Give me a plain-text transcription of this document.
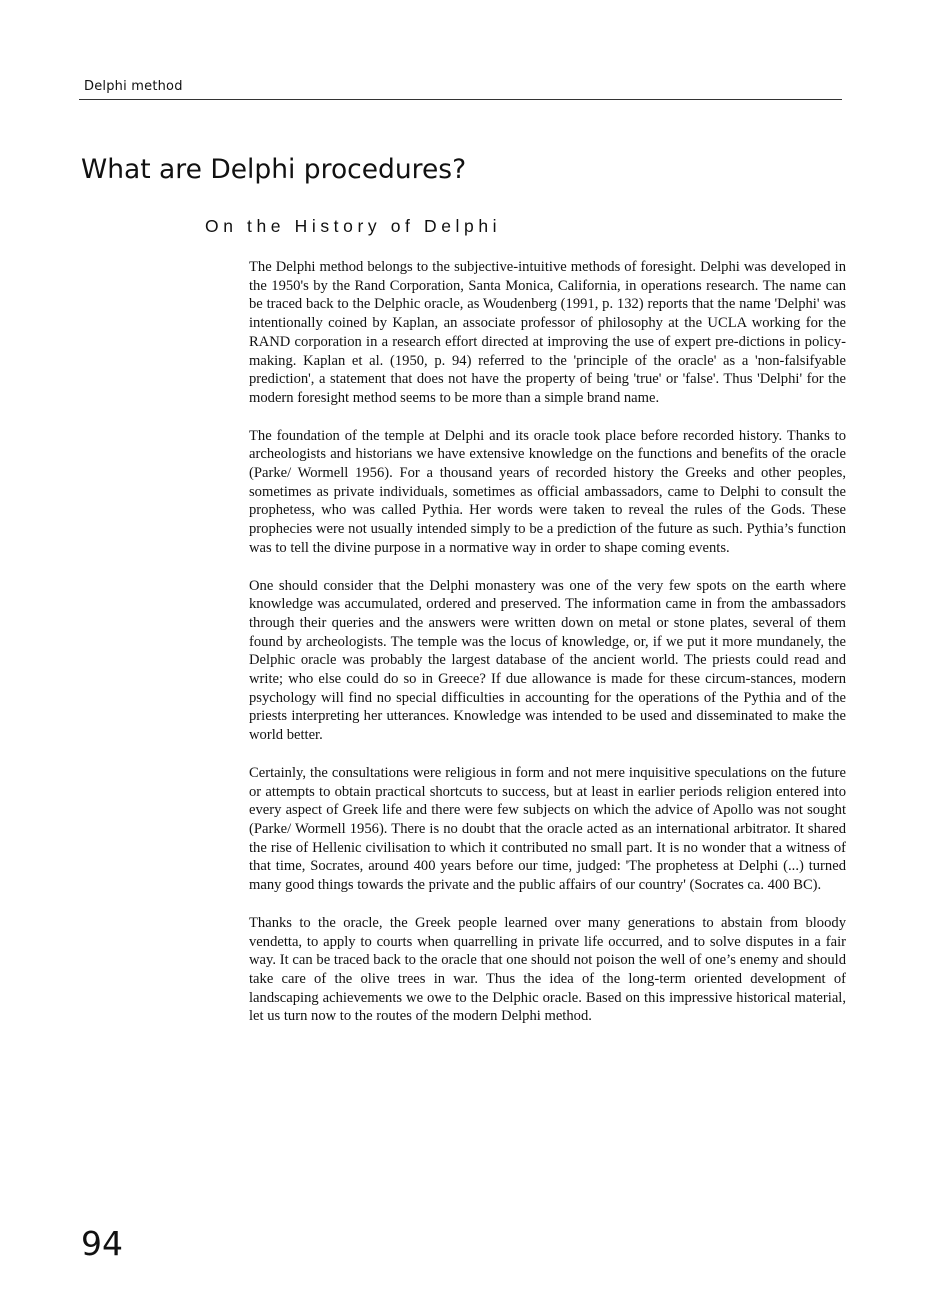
Delphi method
What are Delphi procedures?
On the History of Delphi

The Delphi method belongs to the subjective-intuitive methods of foresight. Delphi was developed in the 1950's by the Rand Corporation, Santa Monica, California, in operations research. The name can be traced back to the Delphic oracle, as Woudenberg (1991, p. 132) reports that the name 'Delphi' was intentionally coined by Kaplan, an associate professor of philosophy at the UCLA working for the RAND corporation in a research effort directed at improving the use of expert pre-dictions in policy-making. Kaplan et al. (1950, p. 94) referred to the 'principle of the oracle' as a 'non-falsifyable prediction', a statement that does not have the property of being 'true' or 'false'. Thus 'Delphi' for the modern foresight method seems to be more than a simple brand name.

The foundation of the temple at Delphi and its oracle took place before recorded history. Thanks to archeologists and historians we have extensive knowledge on the functions and benefits of the oracle (Parke/ Wormell 1956). For a thousand years of recorded history the Greeks and other peoples, sometimes as private individuals, sometimes as official ambassadors, came to Delphi to consult the prophetess, who was called Pythia. Her words were taken to reveal the rules of the Gods. These prophecies were not usually intended simply to be a prediction of the future as such. Pythia’s function was to tell the divine purpose in a normative way in order to shape coming events.

One should consider that the Delphi monastery was one of the very few spots on the earth where knowledge was accumulated, ordered and preserved. The information came in from the ambassadors through their queries and the answers were written down on metal or stone plates, several of them found by archeologists. The temple was the locus of knowledge, or, if we put it more mundanely, the Delphic oracle was probably the largest database of the ancient world. The priests could read and write; who else could do so in Greece? If due allowance is made for these circum-stances, modern psychology will find no special difficulties in accounting for the operations of the Pythia and of the priests interpreting her utterances. Knowledge was intended to be used and disseminated to make the world better.

Certainly, the consultations were religious in form and not mere inquisitive speculations on the future or attempts to obtain practical shortcuts to success, but at least in earlier periods religion entered into every aspect of Greek life and there were few subjects on which the advice of Apollo was not sought (Parke/ Wormell 1956). There is no doubt that the oracle acted as an international arbitrator. It shared the rise of Hellenic civilisation to which it contributed no small part. It is no wonder that a witness of that time, Socrates, around 400 years before our time, judged: 'The prophetess at Delphi (...) turned many good things towards the private and the public affairs of our country' (Socrates ca. 400 BC).

Thanks to the oracle, the Greek people learned over many generations to abstain from bloody vendetta, to apply to courts when quarrelling in private life occurred, and to solve disputes in a fair way. It can be traced back to the oracle that one should not poison the well of one’s enemy and should take care of the olive trees in war. Thus the idea of the long-term oriented development of landscaping achievements we owe to the Delphic oracle. Based on this impressive historical material, let us turn now to the routes of the modern Delphi method.

94
